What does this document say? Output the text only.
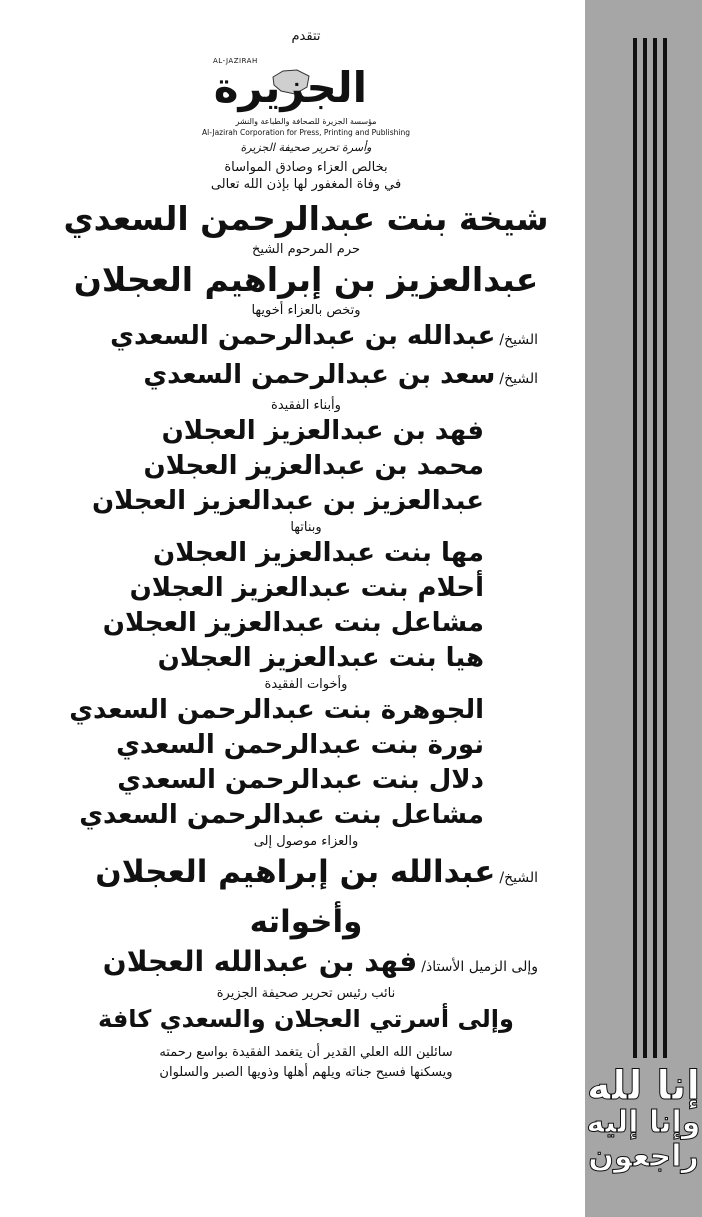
تتقدم
AL-JAZIRAH
الجزيرة
مؤسسة الجزيرة للصحافة والطباعة والنشر
Al-Jazirah Corporation for Press, Printing and Publishing
وأسرة تحرير صحيفة الجزيرة
بخالص العزاء وصادق المواساة
في وفاة المغفور لها بإذن الله تعالى
شيخة بنت عبدالرحمن السعدي
حرم المرحوم الشيخ
عبدالعزيز بن إبراهيم العجلان
وتخص بالعزاء أخويها
الشيخ/عبدالله بن عبدالرحمن السعدي
الشيخ/سعد بن عبدالرحمن السعدي
وأبناء الفقيدة
فهد بن عبدالعزيز العجلان
محمد بن عبدالعزيز العجلان
عبدالعزيز بن عبدالعزيز العجلان
وبناتها
مها بنت عبدالعزيز العجلان
أحلام بنت عبدالعزيز العجلان
مشاعل بنت عبدالعزيز العجلان
هيا بنت عبدالعزيز العجلان
وأخوات الفقيدة
الجوهرة بنت عبدالرحمن السعدي
نورة بنت عبدالرحمن السعدي
دلال بنت عبدالرحمن السعدي
مشاعل بنت عبدالرحمن السعدي
والعزاء موصول إلى
الشيخ/عبدالله بن إبراهيم العجلان
وأخواته
وإلى الزميل الأستاذ/فهد بن عبدالله العجلان
نائب رئيس تحرير صحيفة الجزيرة
وإلى أسرتي العجلان والسعدي كافة
سائلين الله العلي القدير أن يتغمد الفقيدة بواسع رحمته
ويسكنها فسيح جناته ويلهم أهلها وذويها الصبر والسلوان	إنا لله
وإنا إليه
راجعون
